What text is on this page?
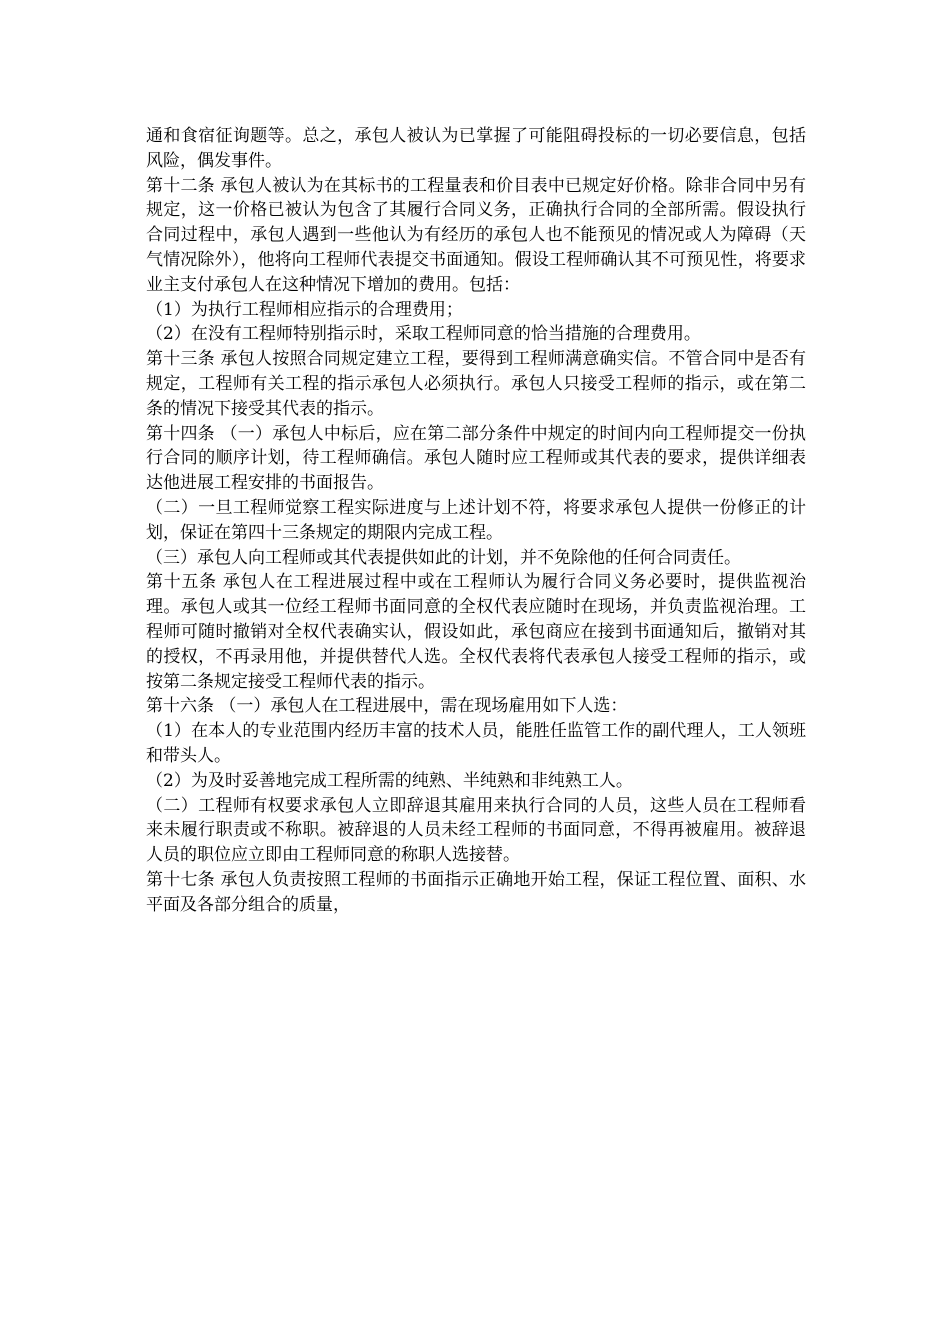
通和食宿征询题等。总之，承包人被认为已掌握了可能阻碍投标的一切必要信息，包括风险，偶发事件。

第十二条 承包人被认为在其标书的工程量表和价目表中已规定好价格。除非合同中另有规定，这一价格已被认为包含了其履行合同义务，正确执行合同的全部所需。假设执行合同过程中，承包人遇到一些他认为有经历的承包人也不能预见的情况或人为障碍（天气情况除外），他将向工程师代表提交书面通知。假设工程师确认其不可预见性，将要求业主支付承包人在这种情况下增加的费用。包括：

（1）为执行工程师相应指示的合理费用；

（2）在没有工程师特别指示时，采取工程师同意的恰当措施的合理费用。

第十三条 承包人按照合同规定建立工程，要得到工程师满意确实信。不管合同中是否有规定，工程师有关工程的指示承包人必须执行。承包人只接受工程师的指示，或在第二条的情况下接受其代表的指示。

第十四条 （一）承包人中标后，应在第二部分条件中规定的时间内向工程师提交一份执行合同的顺序计划，待工程师确信。承包人随时应工程师或其代表的要求，提供详细表达他进展工程安排的书面报告。

（二）一旦工程师觉察工程实际进度与上述计划不符，将要求承包人提供一份修正的计划，保证在第四十三条规定的期限内完成工程。

（三）承包人向工程师或其代表提供如此的计划，并不免除他的任何合同责任。

第十五条 承包人在工程进展过程中或在工程师认为履行合同义务必要时，提供监视治理。承包人或其一位经工程师书面同意的全权代表应随时在现场，并负责监视治理。工程师可随时撤销对全权代表确实认，假设如此，承包商应在接到书面通知后，撤销对其的授权，不再录用他，并提供替代人选。全权代表将代表承包人接受工程师的指示，或按第二条规定接受工程师代表的指示。

第十六条 （一）承包人在工程进展中，需在现场雇用如下人选：

（1）在本人的专业范围内经历丰富的技术人员，能胜任监管工作的副代理人，工人领班和带头人。

（2）为及时妥善地完成工程所需的纯熟、半纯熟和非纯熟工人。

（二）工程师有权要求承包人立即辞退其雇用来执行合同的人员，这些人员在工程师看来未履行职责或不称职。被辞退的人员未经工程师的书面同意，不得再被雇用。被辞退人员的职位应立即由工程师同意的称职人选接替。

第十七条 承包人负责按照工程师的书面指示正确地开始工程，保证工程位置、面积、水平面及各部分组合的质量，
